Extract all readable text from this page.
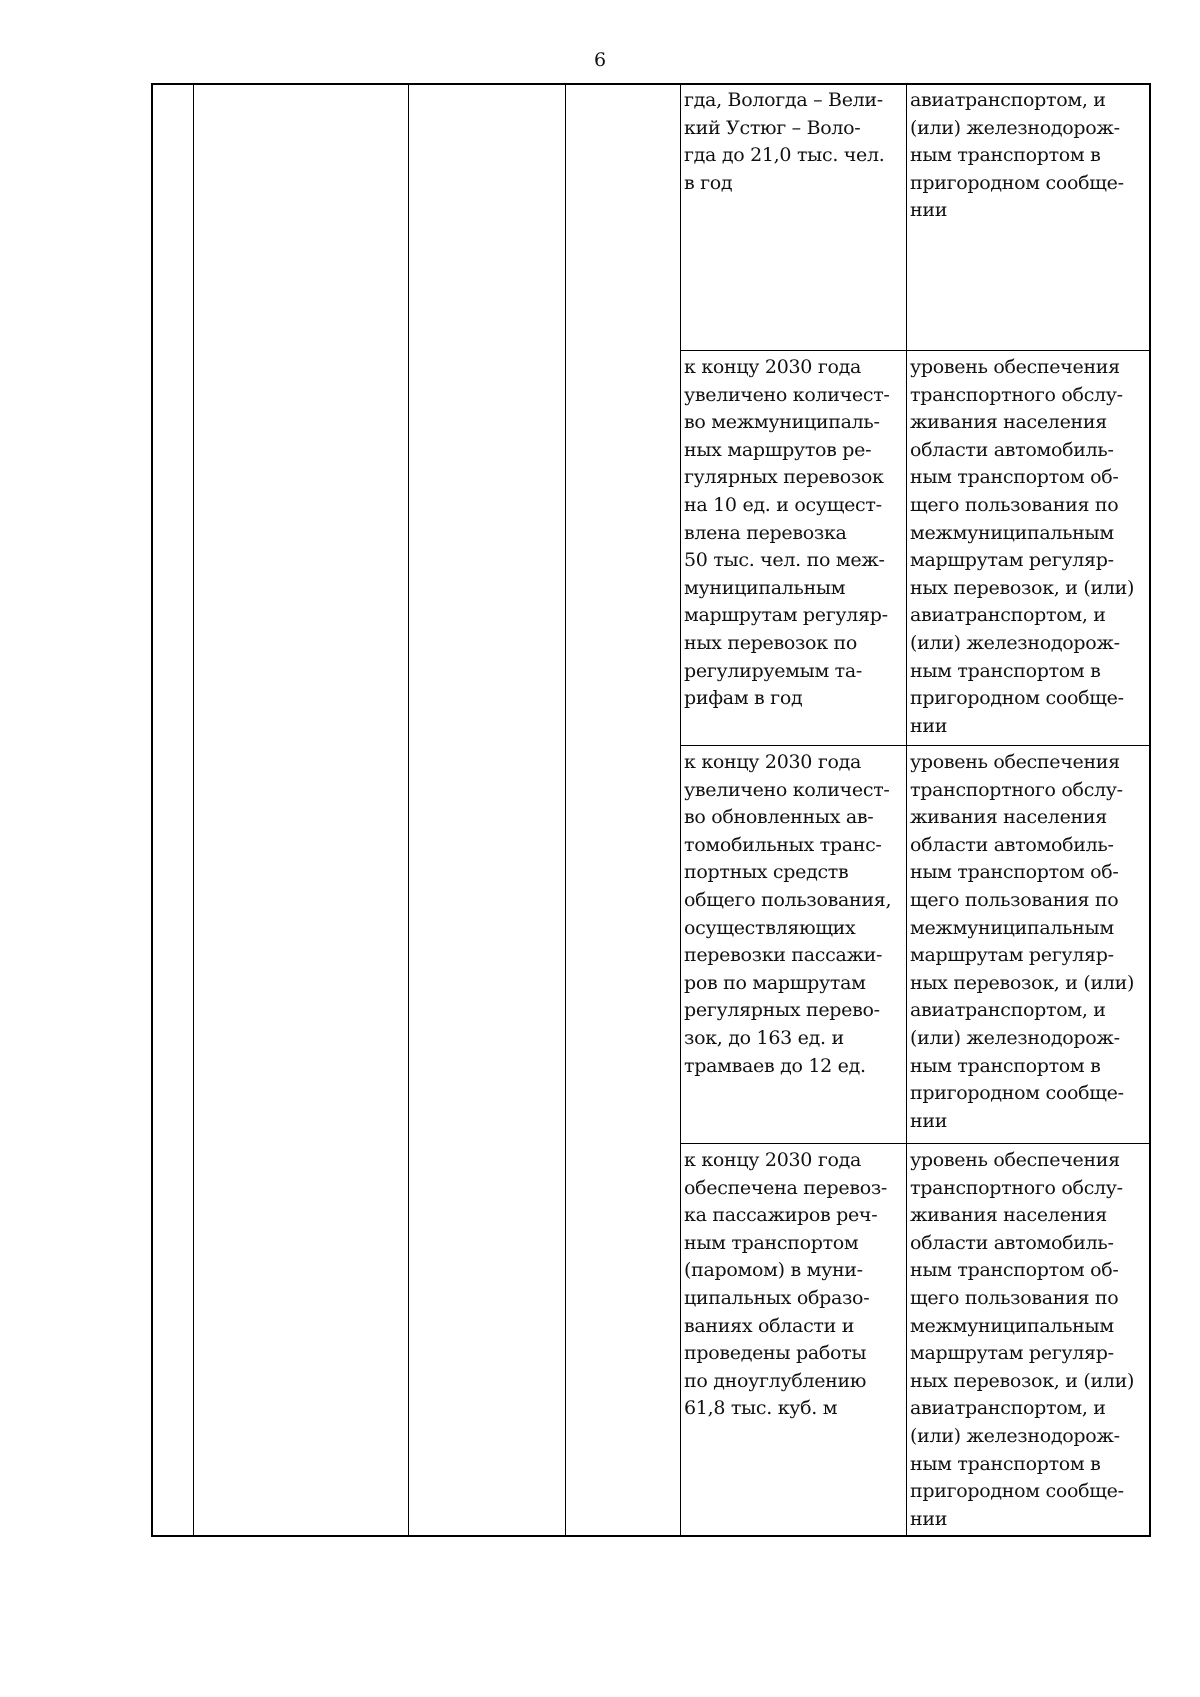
6
гда, Вологда – Вели-
кий Устюг – Воло-
гда до 21,0 тыс. чел.
в год
авиатранспортом, и
(или) железнодорож-
ным транспортом в
пригородном сообще-
нии
к концу 2030 года
увеличено количест-
во межмуниципаль-
ных маршрутов ре-
гулярных перевозок
на 10 ед. и осущест-
влена перевозка
50 тыс. чел. по меж-
муниципальным
маршрутам регуляр-
ных перевозок по
регулируемым та-
рифам в год
уровень обеспечения
транспортного обслу-
живания населения
области автомобиль-
ным транспортом об-
щего пользования по
межмуниципальным
маршрутам регуляр-
ных перевозок, и (или)
авиатранспортом, и
(или) железнодорож-
ным транспортом в
пригородном сообще-
нии
к концу 2030 года
увеличено количест-
во обновленных ав-
томобильных транс-
портных средств
общего пользования,
осуществляющих
перевозки пассажи-
ров по маршрутам
регулярных перево-
зок, до 163 ед. и
трамваев до 12 ед.
уровень обеспечения
транспортного обслу-
живания населения
области автомобиль-
ным транспортом об-
щего пользования по
межмуниципальным
маршрутам регуляр-
ных перевозок, и (или)
авиатранспортом, и
(или) железнодорож-
ным транспортом в
пригородном сообще-
нии
к концу 2030 года
обеспечена перевоз-
ка пассажиров реч-
ным транспортом
(паромом) в муни-
ципальных образо-
ваниях области и
проведены работы
по дноуглублению
61,8 тыс. куб. м
уровень обеспечения
транспортного обслу-
живания населения
области автомобиль-
ным транспортом об-
щего пользования по
межмуниципальным
маршрутам регуляр-
ных перевозок, и (или)
авиатранспортом, и
(или) железнодорож-
ным транспортом в
пригородном сообще-
нии
